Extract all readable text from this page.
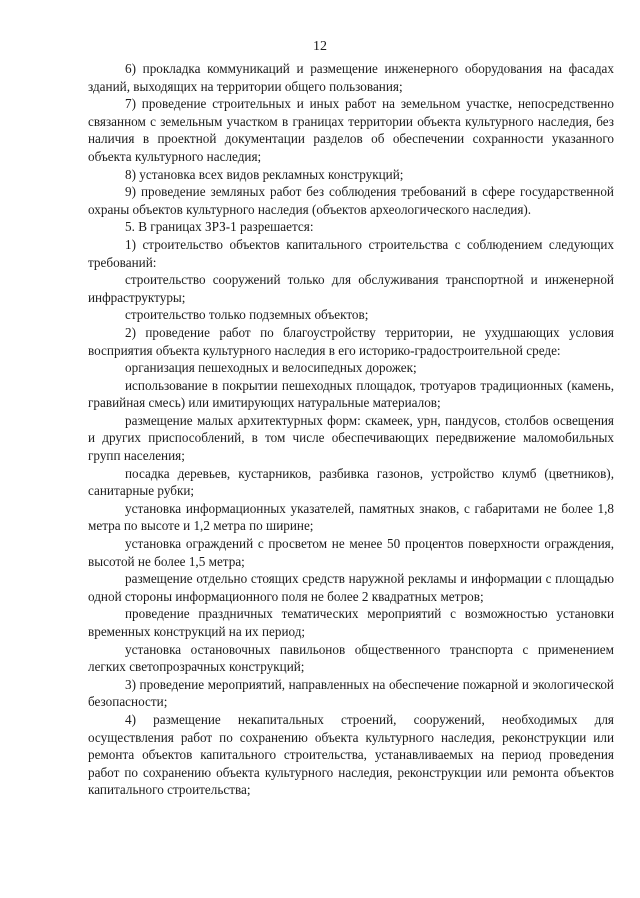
12

6) прокладка коммуникаций и размещение инженерного оборудования на фасадах зданий, выходящих на территории общего пользования;

7) проведение строительных и иных работ на земельном участке, непосредственно связанном с земельным участком в границах территории объекта культурного наследия, без наличия в проектной документации разделов об обеспечении сохранности указанного объекта культурного наследия;

8) установка всех видов рекламных конструкций;

9) проведение земляных работ без соблюдения требований в сфере государственной охраны объектов культурного наследия (объектов археологического наследия).

5. В границах ЗРЗ-1 разрешается:

1) строительство объектов капитального строительства с соблюдением следующих требований:

строительство сооружений только для обслуживания транспортной и инженерной инфраструктуры;

строительство только подземных объектов;

2) проведение работ по благоустройству территории, не ухудшающих условия восприятия объекта культурного наследия в его историко-градостроительной среде:

организация пешеходных и велосипедных дорожек;

использование в покрытии пешеходных площадок, тротуаров традиционных (камень, гравийная смесь) или имитирующих натуральные материалов;

размещение малых архитектурных форм: скамеек, урн, пандусов, столбов освещения и других приспособлений, в том числе обеспечивающих передвижение маломобильных групп населения;

посадка деревьев, кустарников, разбивка газонов, устройство клумб (цветников), санитарные рубки;

установка информационных указателей, памятных знаков, с габаритами не более 1,8 метра по высоте и 1,2 метра по ширине;

установка ограждений с просветом не менее 50 процентов поверхности ограждения, высотой не более 1,5 метра;

размещение отдельно стоящих средств наружной рекламы и информации с площадью одной стороны информационного поля не более 2 квадратных метров;

проведение праздничных тематических мероприятий с возможностью установки временных конструкций на их период;

установка остановочных павильонов общественного транспорта с применением легких светопрозрачных конструкций;

3) проведение мероприятий, направленных на обеспечение пожарной и экологической безопасности;

4) размещение некапитальных строений, сооружений, необходимых для осуществления работ по сохранению объекта культурного наследия, реконструкции или ремонта объектов капитального строительства, устанавливаемых на период проведения работ по сохранению объекта культурного наследия, реконструкции или ремонта объектов капитального строительства;
